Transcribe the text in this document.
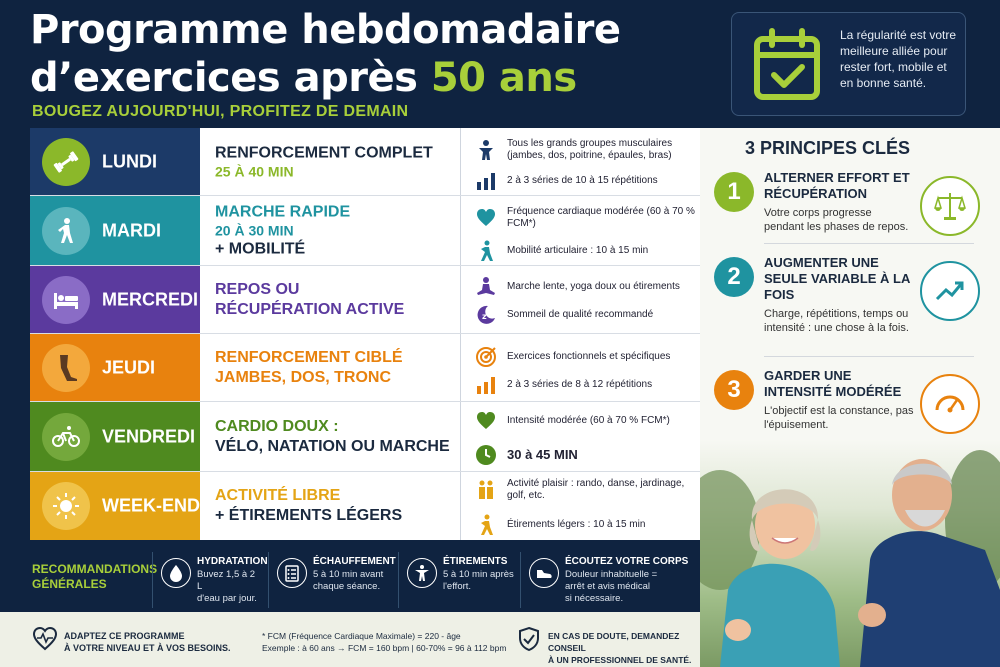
Programme hebdomadaire
d’exercices après 50 ans
BOUGEZ AUJOURD'HUI, PROFITEZ DE DEMAIN
La régularité est votre meilleure alliée pour rester fort, mobile et en bonne santé.
LUNDI	RENFORCEMENT COMPLET
25 À 40 MIN
Tous les grands groupes musculaires (jambes, dos, poitrine, épaules, bras)
2 à 3 séries de 10 à 15 répétitions
MARDI
MARCHE RAPIDE
20 À 30 MIN
+ MOBILITÉ
Fréquence cardiaque modérée (60 à 70 % FCM*)
Mobilité articulaire : 10 à 15 min
MERCREDI REPOS OU
RÉCUPÉRATION ACTIVE
Marche lente, yoga doux ou étirements
z Sommeil de qualité recommandé
JEUDI	RENFORCEMENT CIBLÉ
JAMBES, DOS, TRONC
Exercices fonctionnels et spécifiques
2 à 3 séries de 8 à 12 répétitions
VENDREDI CARDIO DOUX :
VÉLO, NATATION OU MARCHE
Intensité modérée (60 à 70 % FCM*)
30 à 45 MIN
WEEK-END ACTIVITÉ LIBRE
+ ÉTIREMENTS LÉGERS
Activité plaisir : rando, danse, jardinage, golf, etc.
Étirements légers : 10 à 15 min
RECOMMANDATIONS GÉNÉRALES
HYDRATATION
Buvez 1,5 à 2 L
d'eau par jour.
ÉCHAUFFEMENT
5 à 10 min avant
chaque séance.
ÉTIREMENTS
5 à 10 min après
l'effort.
ÉCOUTEZ VOTRE CORPS
Douleur inhabituelle =
arrêt et avis médical
si nécessaire.
ADAPTEZ CE PROGRAMME
À VOTRE NIVEAU ET À VOS BESOINS.
* FCM (Fréquence Cardiaque Maximale) = 220 - âge
Exemple : à 60 ans → FCM = 160 bpm | 60-70% = 96 à 112 bpm
EN CAS DE DOUTE, DEMANDEZ CONSEIL
À UN PROFESSIONNEL DE SANTÉ.
3 PRINCIPES CLÉS
1
ALTERNER EFFORT ET RÉCUPÉRATION
Votre corps progresse pendant les phases de repos.
2
AUGMENTER UNE SEULE VARIABLE À LA FOIS
Charge, répétitions, temps ou intensité : une chose à la fois.
3
GARDER UNE INTENSITÉ MODÉRÉE
L'objectif est la constance, pas l'épuisement.
